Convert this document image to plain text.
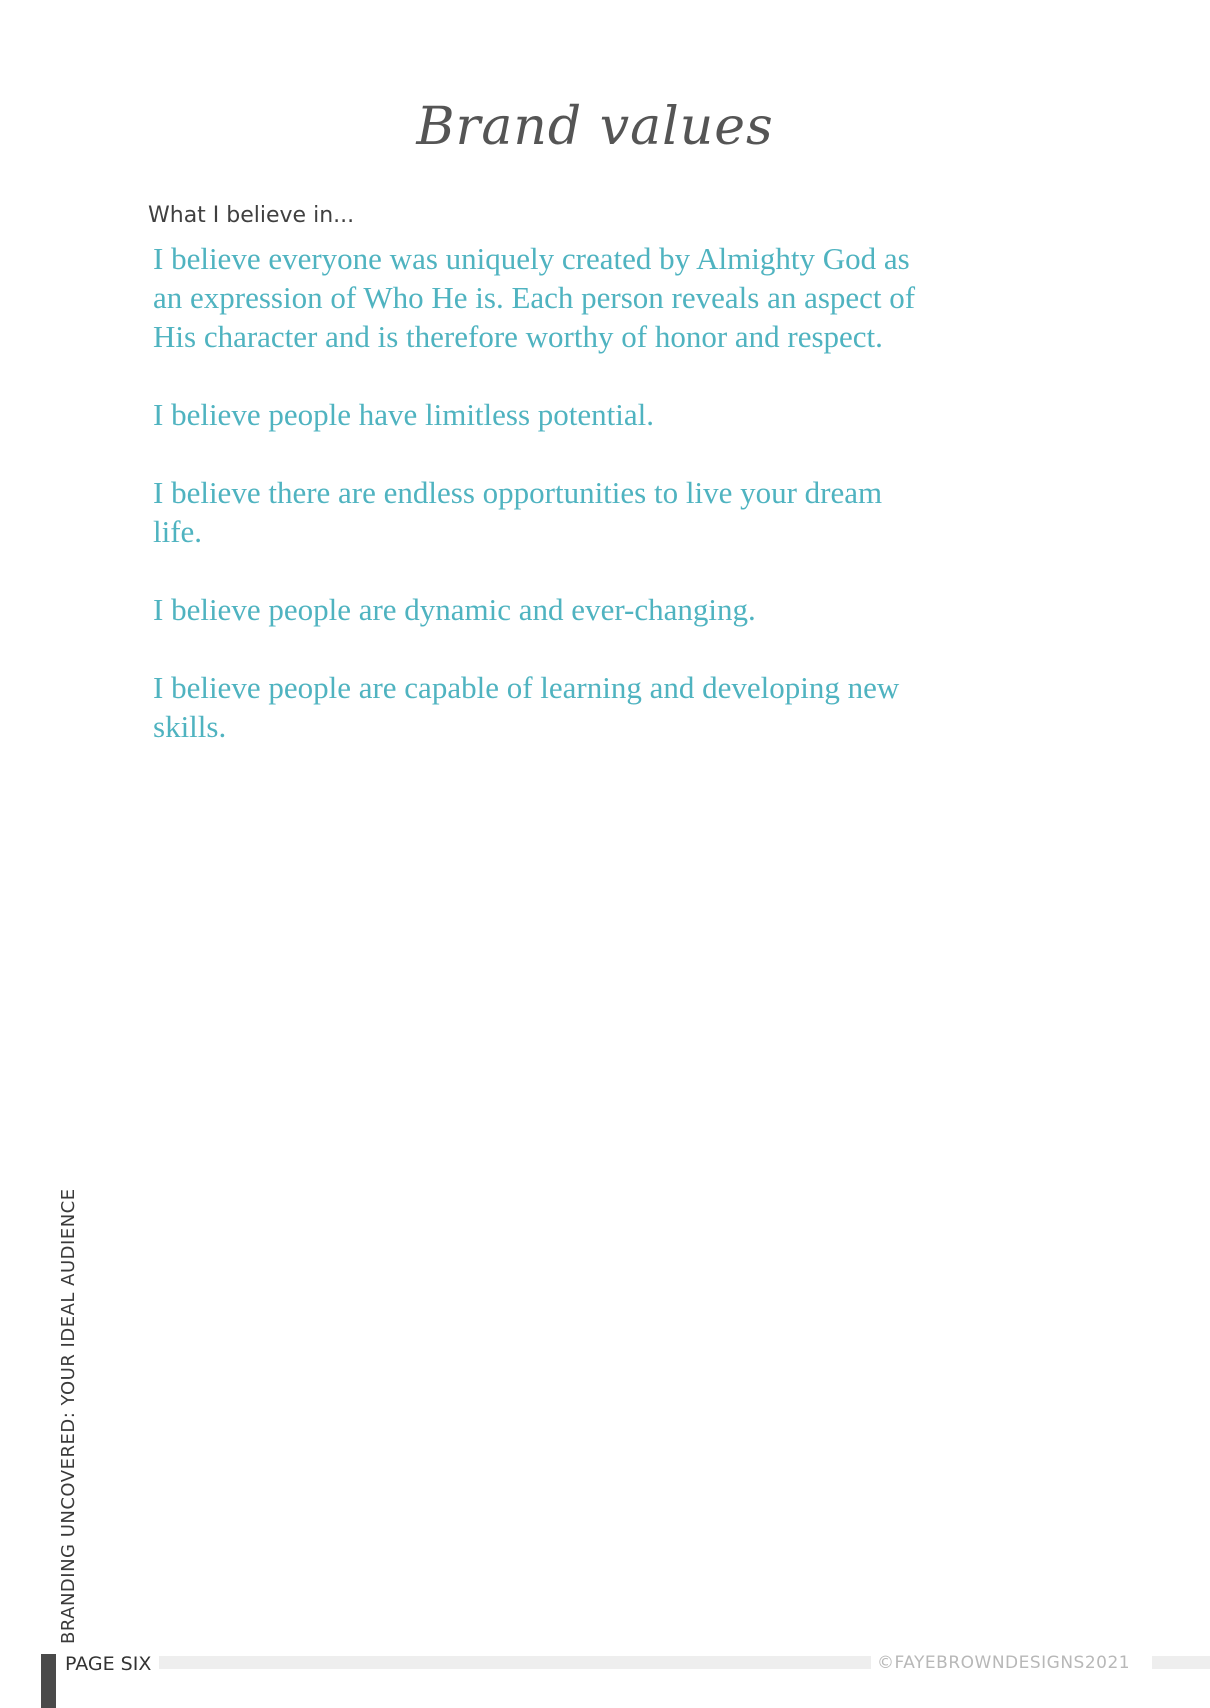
Brand values
What I believe in...

I believe everyone was uniquely created by Almighty God as an expression of Who He is. Each person reveals an aspect of His character and is therefore worthy of honor and respect.

I believe people have limitless potential.

I believe there are endless opportunities to live your dream life.

I believe people are dynamic and ever-changing.

I believe people are capable of learning and developing new skills.

BRANDING UNCOVERED: YOUR IDEAL AUDIENCE
PAGE SIX	©FAYEBROWNDESIGNS2021
